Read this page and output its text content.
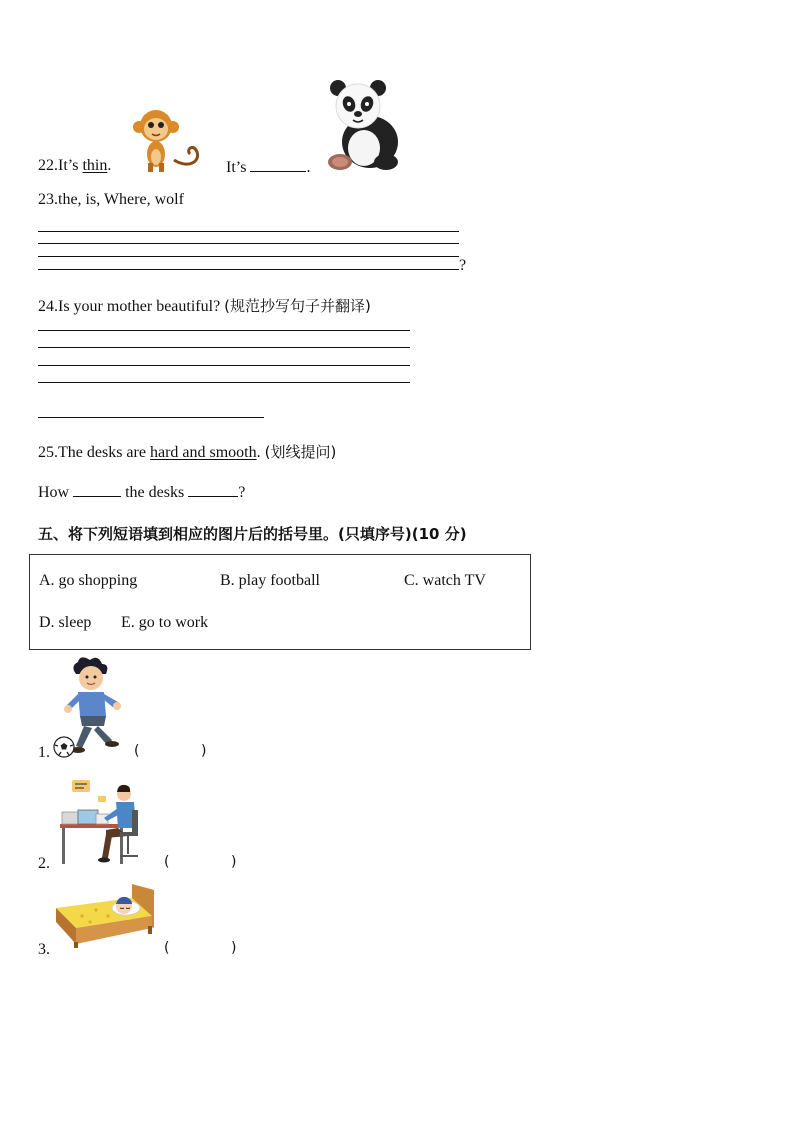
22.It’s thin.	It’s	.
23.the, is, Where, wolf
?
24.Is your mother beautiful? (规范抄写句子并翻译)
25.The desks are hard and smooth. (划线提问)
How	the desks	?
五、将下列短语填到相应的图片后的括号里。(只填序号)(10 分)
A. go shopping	B. play football	C. watch TV
D. sleep E. go to work
1.	(	)
2.	(	)
3.	(	)
